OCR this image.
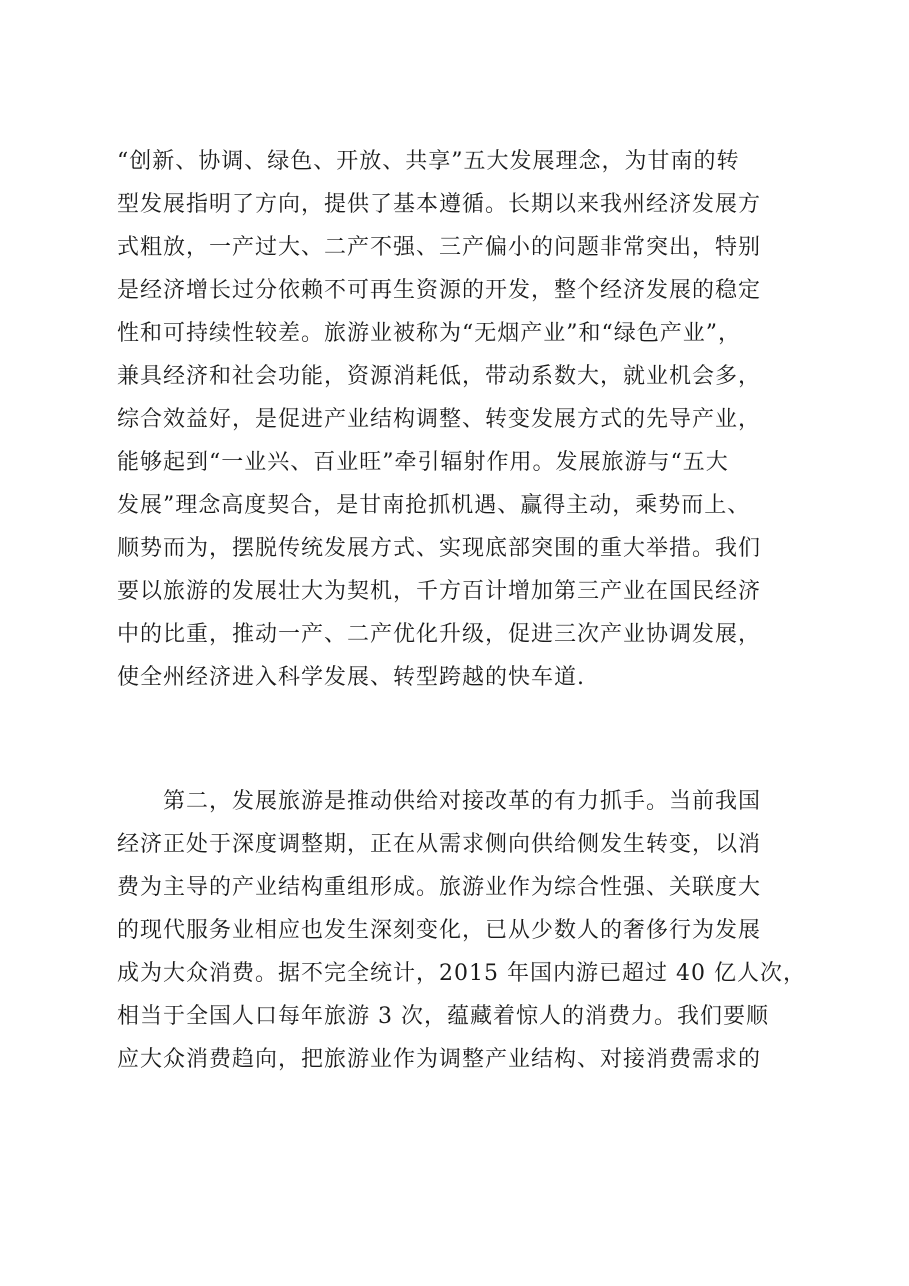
“创新、协调、绿色、开放、共享”五大发展理念，为甘南的转
型发展指明了方向，提供了基本遵循。长期以来我州经济发展方
式粗放，一产过大、二产不强、三产偏小的问题非常突出，特别
是经济增长过分依赖不可再生资源的开发，整个经济发展的稳定
性和可持续性较差。旅游业被称为“无烟产业”和“绿色产业”，
兼具经济和社会功能，资源消耗低，带动系数大，就业机会多，
综合效益好，是促进产业结构调整、转变发展方式的先导产业，
能够起到“一业兴、百业旺”牵引辐射作用。发展旅游与“五大
发展”理念高度契合，是甘南抢抓机遇、赢得主动，乘势而上、
顺势而为，摆脱传统发展方式、实现底部突围的重大举措。我们
要以旅游的发展壮大为契机，千方百计增加第三产业在国民经济
中的比重，推动一产、二产优化升级，促进三次产业协调发展，
使全州经济进入科学发展、转型跨越的快车道.
第二，发展旅游是推动供给对接改革的有力抓手。当前我国
经济正处于深度调整期，正在从需求侧向供给侧发生转变，以消
费为主导的产业结构重组形成。旅游业作为综合性强、关联度大
的现代服务业相应也发生深刻变化，已从少数人的奢侈行为发展
成为大众消费。据不完全统计，2015 年国内游已超过 40 亿人次，
相当于全国人口每年旅游 3 次，蕴藏着惊人的消费力。我们要顺
应大众消费趋向，把旅游业作为调整产业结构、对接消费需求的
